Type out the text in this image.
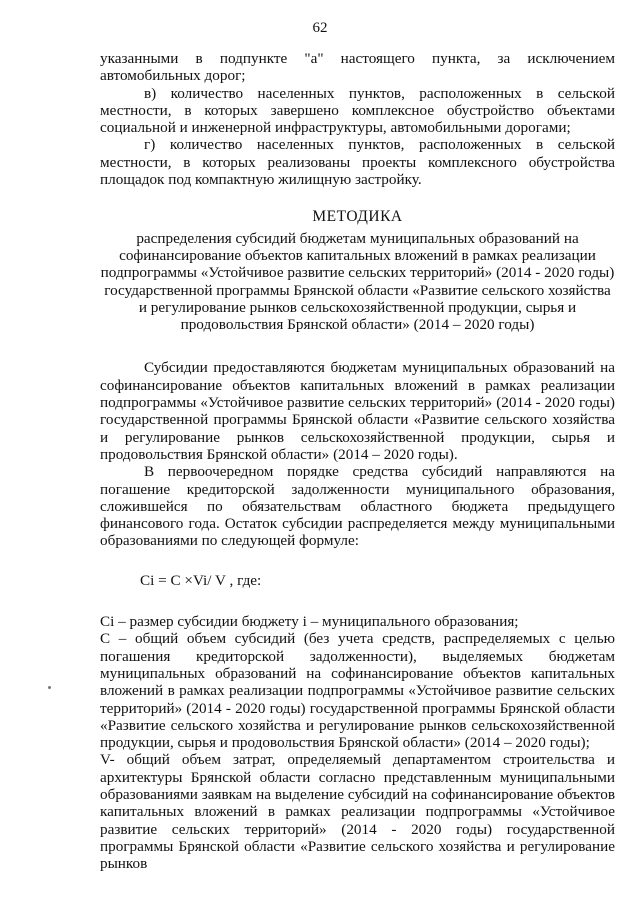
62

указанными в подпункте "а" настоящего пункта, за исключением автомобильных дорог;

в) количество населенных пунктов, расположенных в сельской местности, в которых завершено комплексное обустройство объектами социальной и инженерной инфраструктуры, автомобильными дорогами;

г) количество населенных пунктов, расположенных в сельской местности, в которых реализованы проекты комплексного обустройства площадок под компактную жилищную застройку.

МЕТОДИКА

распределения субсидий бюджетам муниципальных образований на софинансирование объектов капитальных вложений в рамках реализации подпрограммы «Устойчивое развитие сельских территорий» (2014 - 2020 годы) государственной программы Брянской области «Развитие сельского хозяйства и регулирование рынков сельскохозяйственной продукции, сырья и продовольствия Брянской области» (2014 – 2020 годы)

Субсидии предоставляются бюджетам муниципальных образований на софинансирование объектов капитальных вложений в рамках реализации подпрограммы «Устойчивое развитие сельских территорий» (2014 - 2020 годы) государственной программы Брянской области «Развитие сельского хозяйства и регулирование рынков сельскохозяйственной продукции, сырья и продовольствия Брянской области» (2014 – 2020 годы).

В первоочередном порядке средства субсидий направляются на погашение кредиторской задолженности муниципального образования, сложившейся по обязательствам областного бюджета предыдущего финансового года. Остаток субсидии распределяется между муниципальными образованиями по следующей формуле:

Ci = C ×Vi/ V , где:

Ci – размер субсидии бюджету i – муниципального образования;

С – общий объем субсидий (без учета средств, распределяемых с целью погашения кредиторской задолженности), выделяемых бюджетам муниципальных образований на софинансирование объектов капитальных вложений в рамках реализации подпрограммы «Устойчивое развитие сельских территорий» (2014 - 2020 годы) государственной программы Брянской области «Развитие сельского хозяйства и регулирование рынков сельскохозяйственной продукции, сырья и продовольствия Брянской области» (2014 – 2020 годы);

V- общий объем затрат, определяемый департаментом строительства и архитектуры Брянской области согласно представленным муниципальными образованиями заявкам на выделение субсидий на софинансирование объектов капитальных вложений в рамках реализации подпрограммы «Устойчивое развитие сельских территорий» (2014 - 2020 годы) государственной программы Брянской области «Развитие сельского хозяйства и регулирование рынков
